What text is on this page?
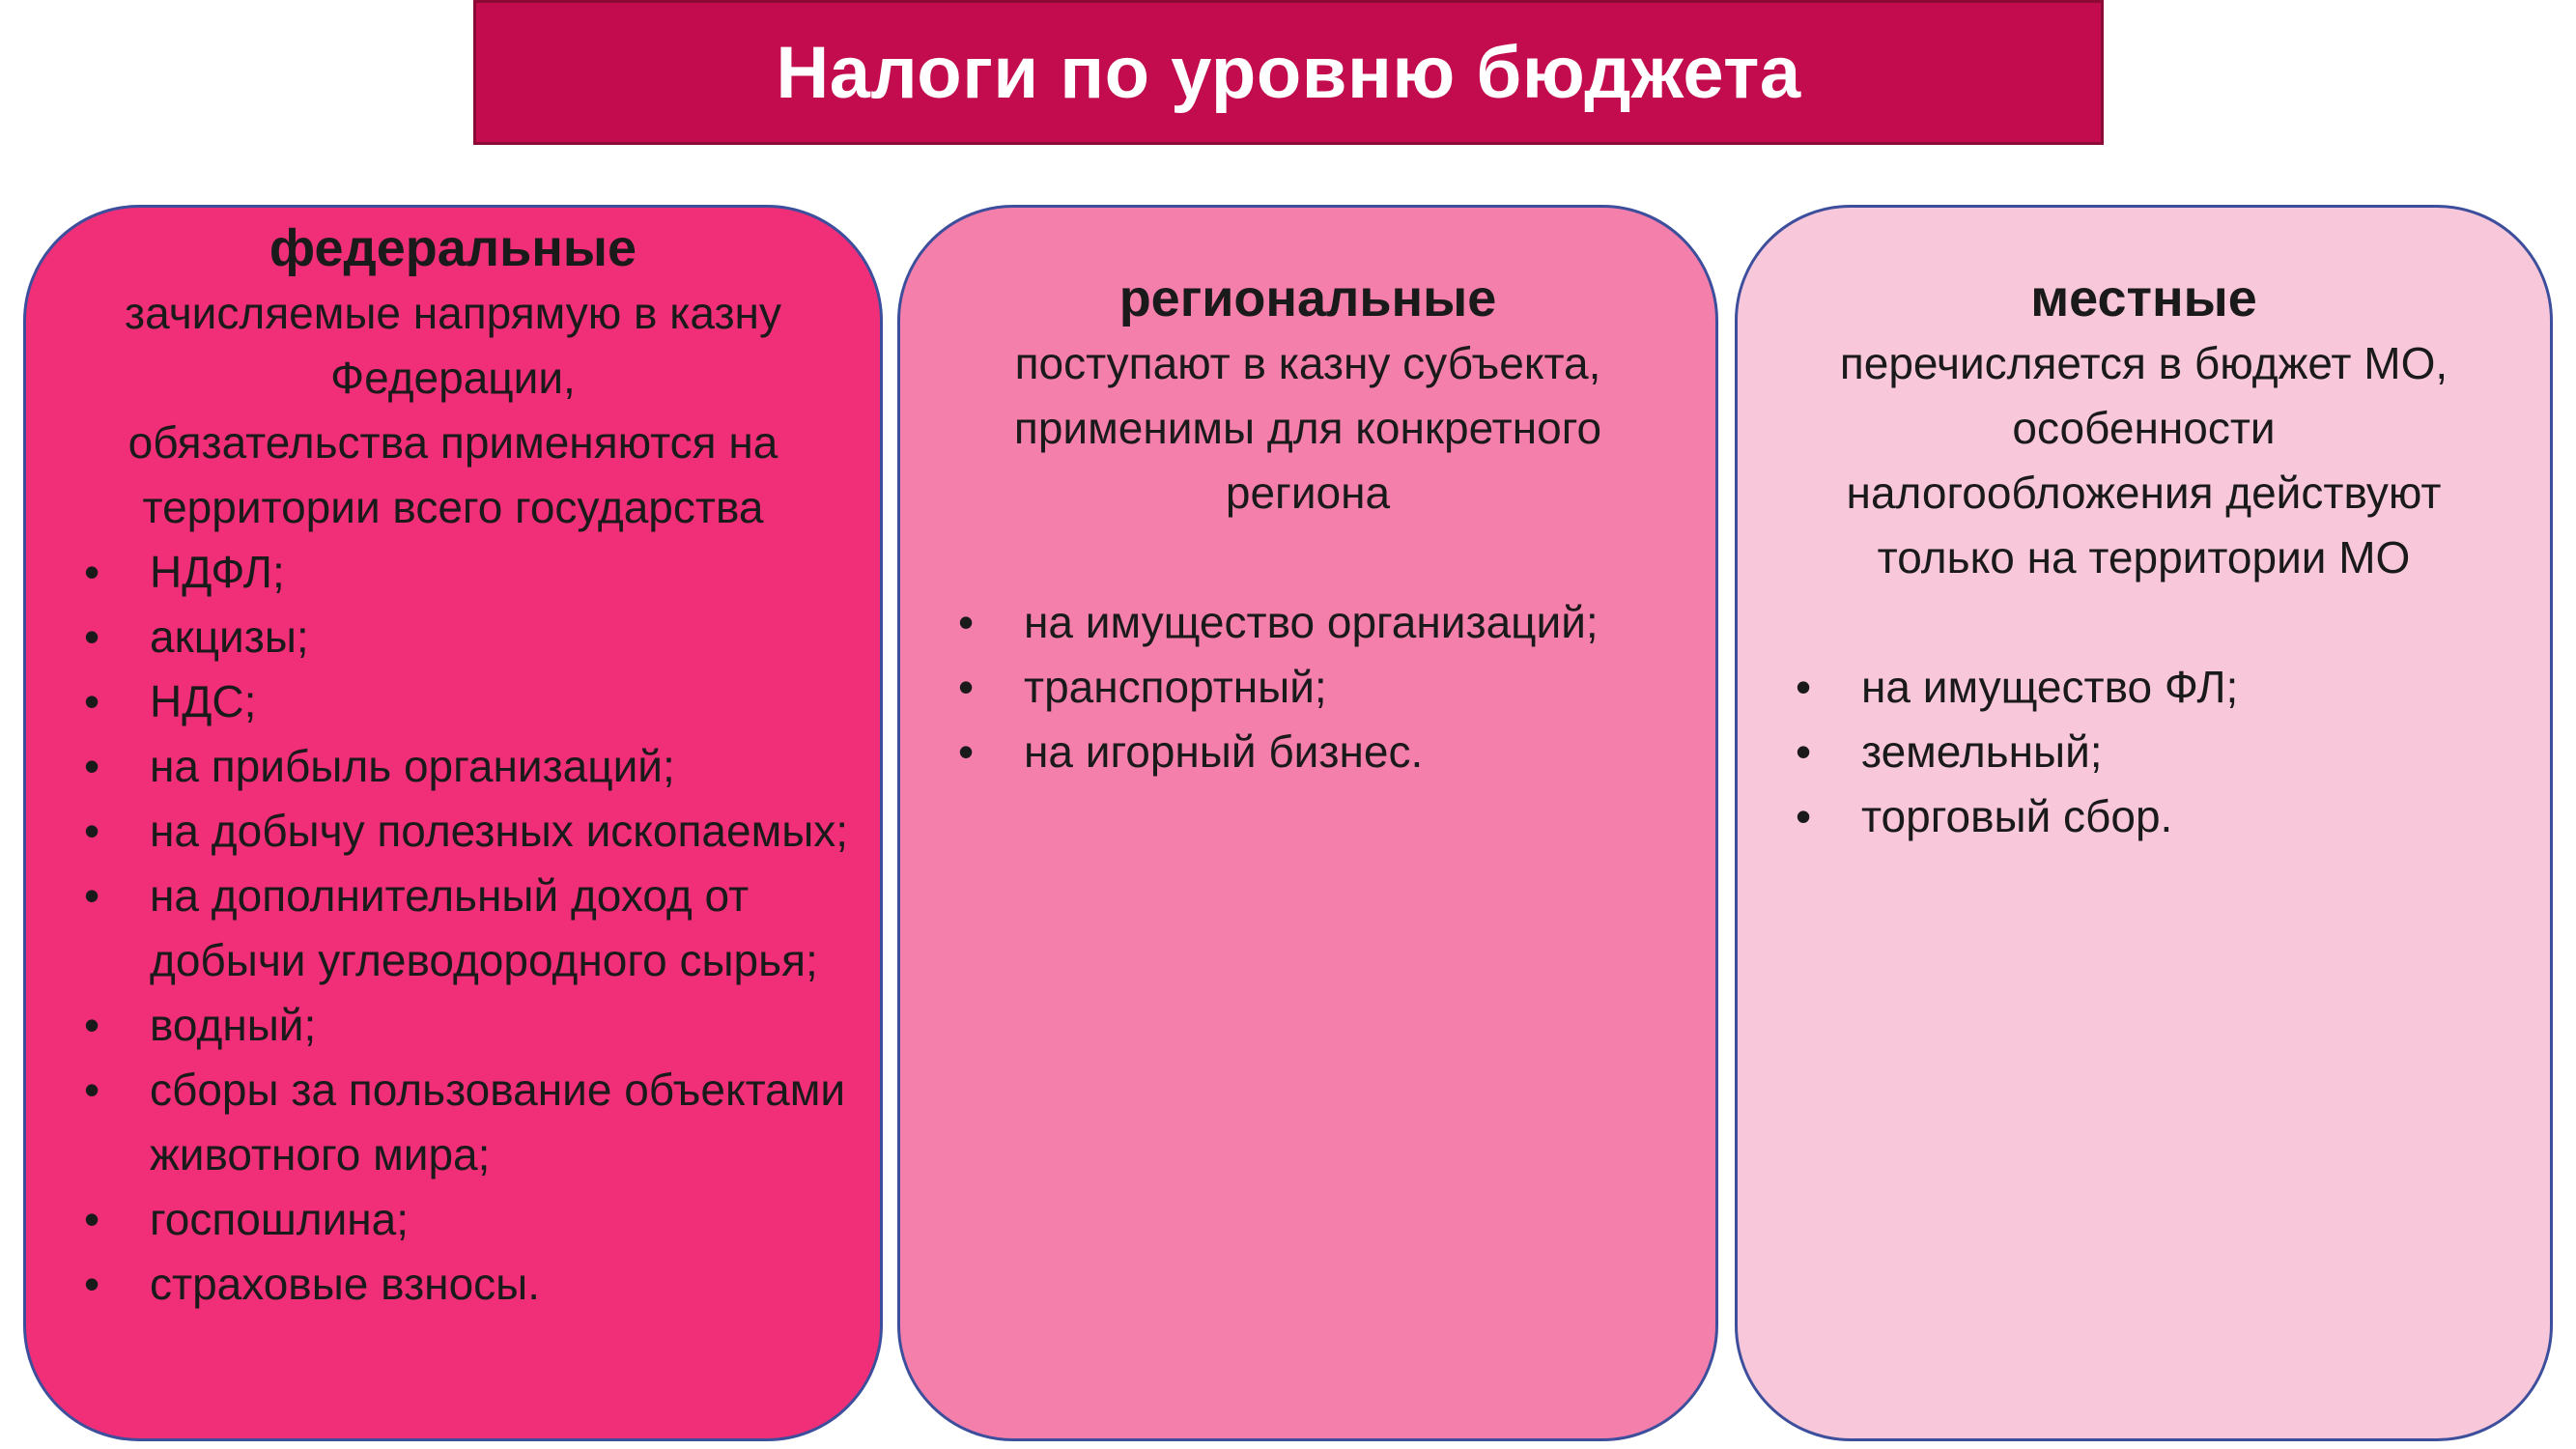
Налоги по уровню бюджета
федеральные
зачисляемые напрямую в казну
Федерации,
обязательства применяются на
территории всего государства
• НДФЛ;
• акцизы;
• НДС;
• на прибыль организаций;
• на добычу полезных ископаемых;
• на дополнительный доход от добычи углеводородного сырья;
• водный;
• сборы за пользование объектами животного мира;
• госпошлина;
• страховые взносы.
региональные
поступают в казну субъекта,
применимы для конкретного
региона
• на имущество организаций;
• транспортный;
• на игорный бизнес.
местные
перечисляется в бюджет МО,
особенности
налогообложения действуют
только на территории МО
• на имущество ФЛ;
• земельный;
• торговый сбор.
